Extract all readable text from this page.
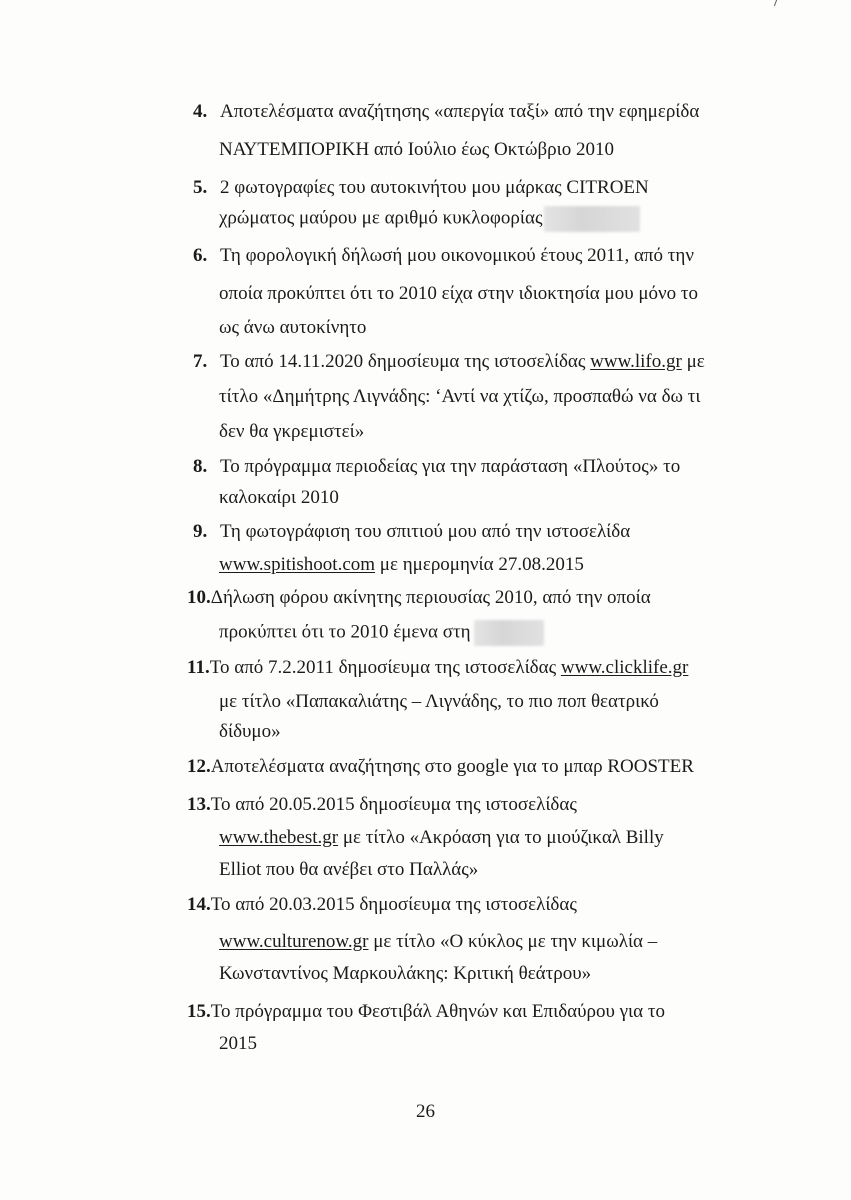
4. Αποτελέσματα αναζήτησης «απεργία ταξί» από την εφημερίδα
ΝΑΥΤΕΜΠΟΡΙΚΗ από Ιούλιο έως Οκτώβριο 2010
5. 2 φωτογραφίες του αυτοκινήτου μου μάρκας CITROEN
χρώματος μαύρου με αριθμό κυκλοφορίας
6. Τη φορολογική δήλωσή μου οικονομικού έτους 2011, από την
οποία προκύπτει ότι το 2010 είχα στην ιδιοκτησία μου μόνο το
ως άνω αυτοκίνητο
7. Το από 14.11.2020 δημοσίευμα της ιστοσελίδας www.lifo.gr με
τίτλο «Δημήτρης Λιγνάδης: ‘Αντί να χτίζω, προσπαθώ να δω τι
δεν θα γκρεμιστεί»
8. Το πρόγραμμα περιοδείας για την παράσταση «Πλούτος» το
καλοκαίρι 2010
9. Τη φωτογράφιση του σπιτιού μου από την ιστοσελίδα
www.spitishoot.com με ημερομηνία 27.08.2015
10.Δήλωση φόρου ακίνητης περιουσίας 2010, από την οποία
προκύπτει ότι το 2010 έμενα στη
11.Το από 7.2.2011 δημοσίευμα της ιστοσελίδας www.clicklife.gr
με τίτλο «Παπακαλιάτης – Λιγνάδης, το πιο ποπ θεατρικό
δίδυμο»
12.Αποτελέσματα αναζήτησης στο google για το μπαρ ROOSTER
13.Το από 20.05.2015 δημοσίευμα της ιστοσελίδας
www.thebest.gr με τίτλο «Ακρόαση για το μιούζικαλ Billy
Elliot που θα ανέβει στο Παλλάς»
14.Το από 20.03.2015 δημοσίευμα της ιστοσελίδας
www.culturenow.gr με τίτλο «Ο κύκλος με την κιμωλία –
Κωνσταντίνος Μαρκουλάκης: Κριτική θεάτρου»
15.Το πρόγραμμα του Φεστιβάλ Αθηνών και Επιδαύρου για το
2015
26
